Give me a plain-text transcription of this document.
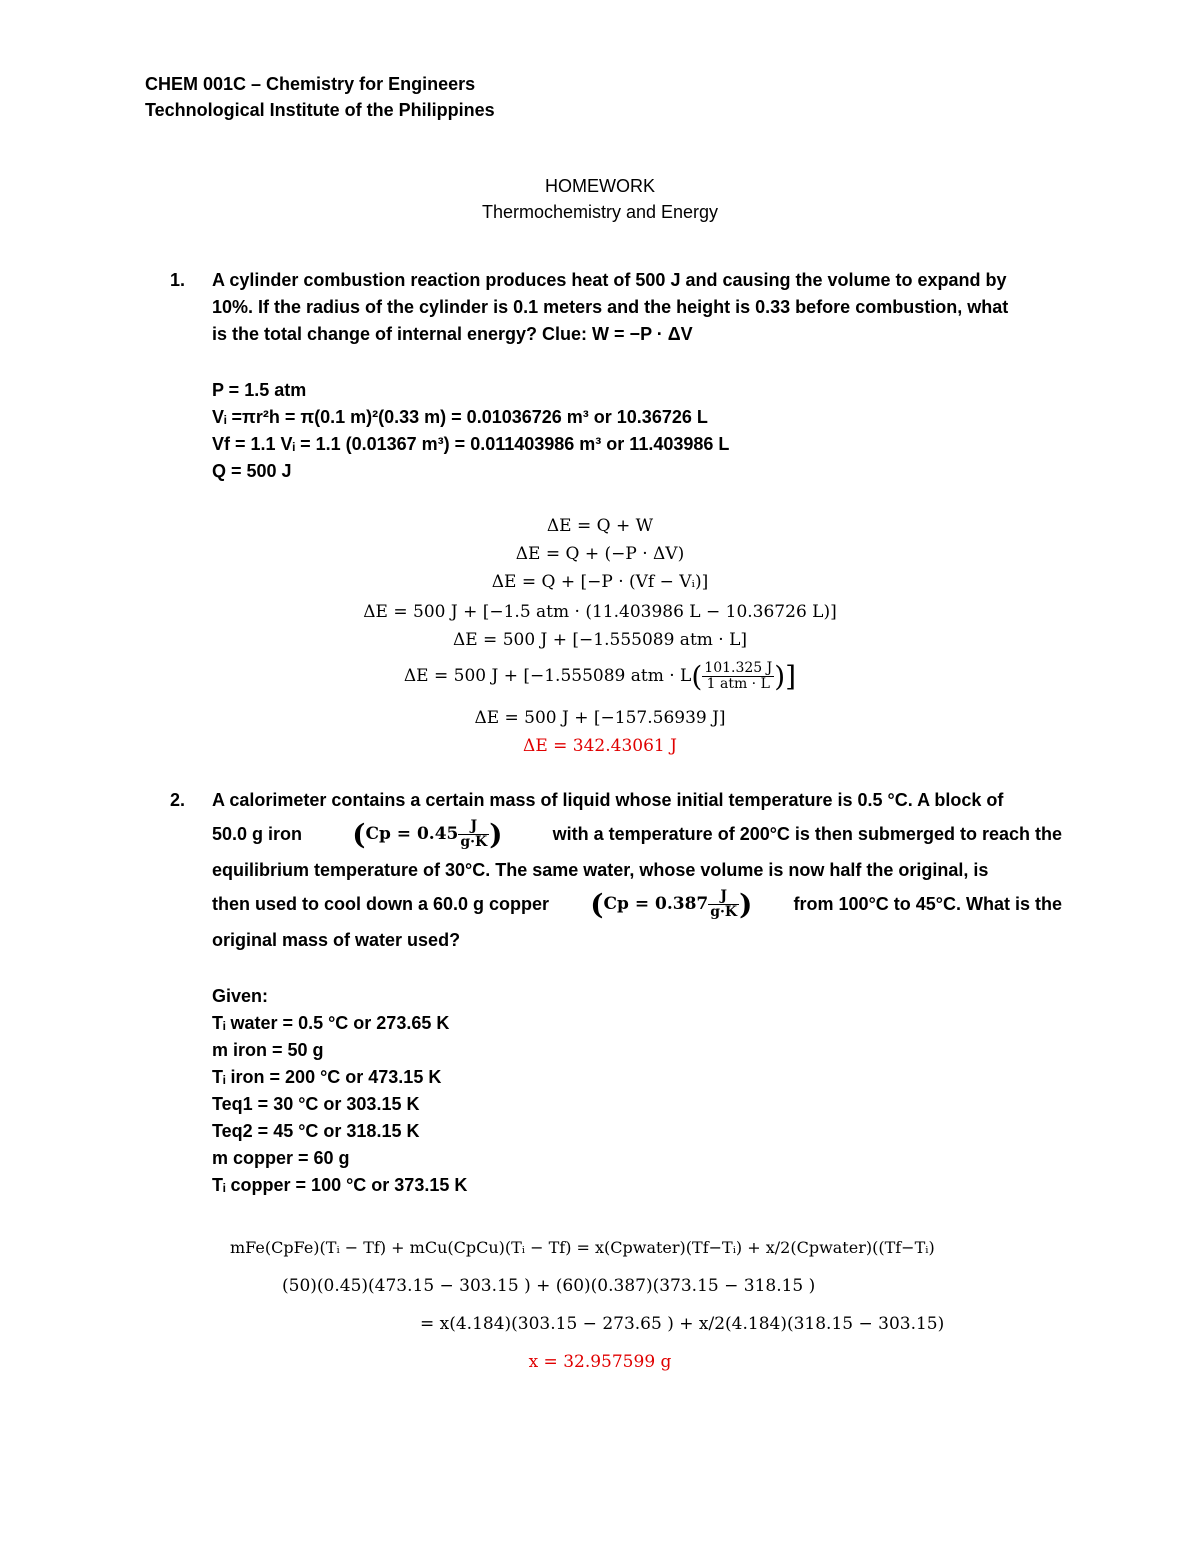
CHEM 001C – Chemistry for Engineers
Technological Institute of the Philippines
HOMEWORK
Thermochemistry and Energy
1. A cylinder combustion reaction produces heat of 500 J and causing the volume to expand by
10%. If the radius of the cylinder is 0.1 meters and the height is 0.33 before combustion, what
is the total change of internal energy? Clue: W = −P · ΔV
P = 1.5 atm
Vᵢ =πr²h = π(0.1 m)²(0.33 m) = 0.01036726 m³ or 10.36726 L
Vf = 1.1 Vᵢ = 1.1 (0.01367 m³) = 0.011403986 m³ or 11.403986 L
Q = 500 J
ΔE = Q + W
ΔE = Q + (−P · ΔV)
ΔE = Q + [−P · (Vf − Vᵢ)]
ΔE = 500 J + [−1.5 atm · (11.403986 L − 10.36726 L)]
ΔE = 500 J + [−1.555089 atm · L]
ΔE = 500 J + [−1.555089 atm · $L( \frac{101.325 J}{\text{1 atm · L}}$ )]
ΔE = 500 J + [−157.56939 J]
ΔE = 342.43061 J
2. A calorimeter contains a certain mass of liquid whose initial temperature is 0.5 °C. A block of
50.0 g iron ($Cp = 0.45 \frac{J}{g\cdot K}$ )	with a temperature of 200°C is then submerged to reach the
equilibrium temperature of 30°C. The same water, whose volume is now half the original, is
then used to cool down a 60.0 g copper ($Cp = 0.387 \frac{J}{g\cdot K}$ ) from 100°C to 45°C. What is the
original mass of water used?
Given:
Tᵢ water = 0.5 °C or 273.65 K
m iron = 50 g
Tᵢ iron = 200 °C or 473.15 K
Teq1 = 30 °C or 303.15 K
Teq2 = 45 °C or 318.15 K
m copper = 60 g
Tᵢ copper = 100 °C or 373.15 K
mFe(CpFe)(Tᵢ − Tf) + mCu(CpCu)(Tᵢ − Tf) = x(Cpwater)(Tf−Tᵢ) + x/2(Cpwater)((Tf−Tᵢ)
(50)(0.45)(473.15 − 303.15 ) + (60)(0.387)(373.15 − 318.15 )
= x(4.184)(303.15 − 273.65 ) + x/2(4.184)(318.15 − 303.15)
x = 32.957599 g
